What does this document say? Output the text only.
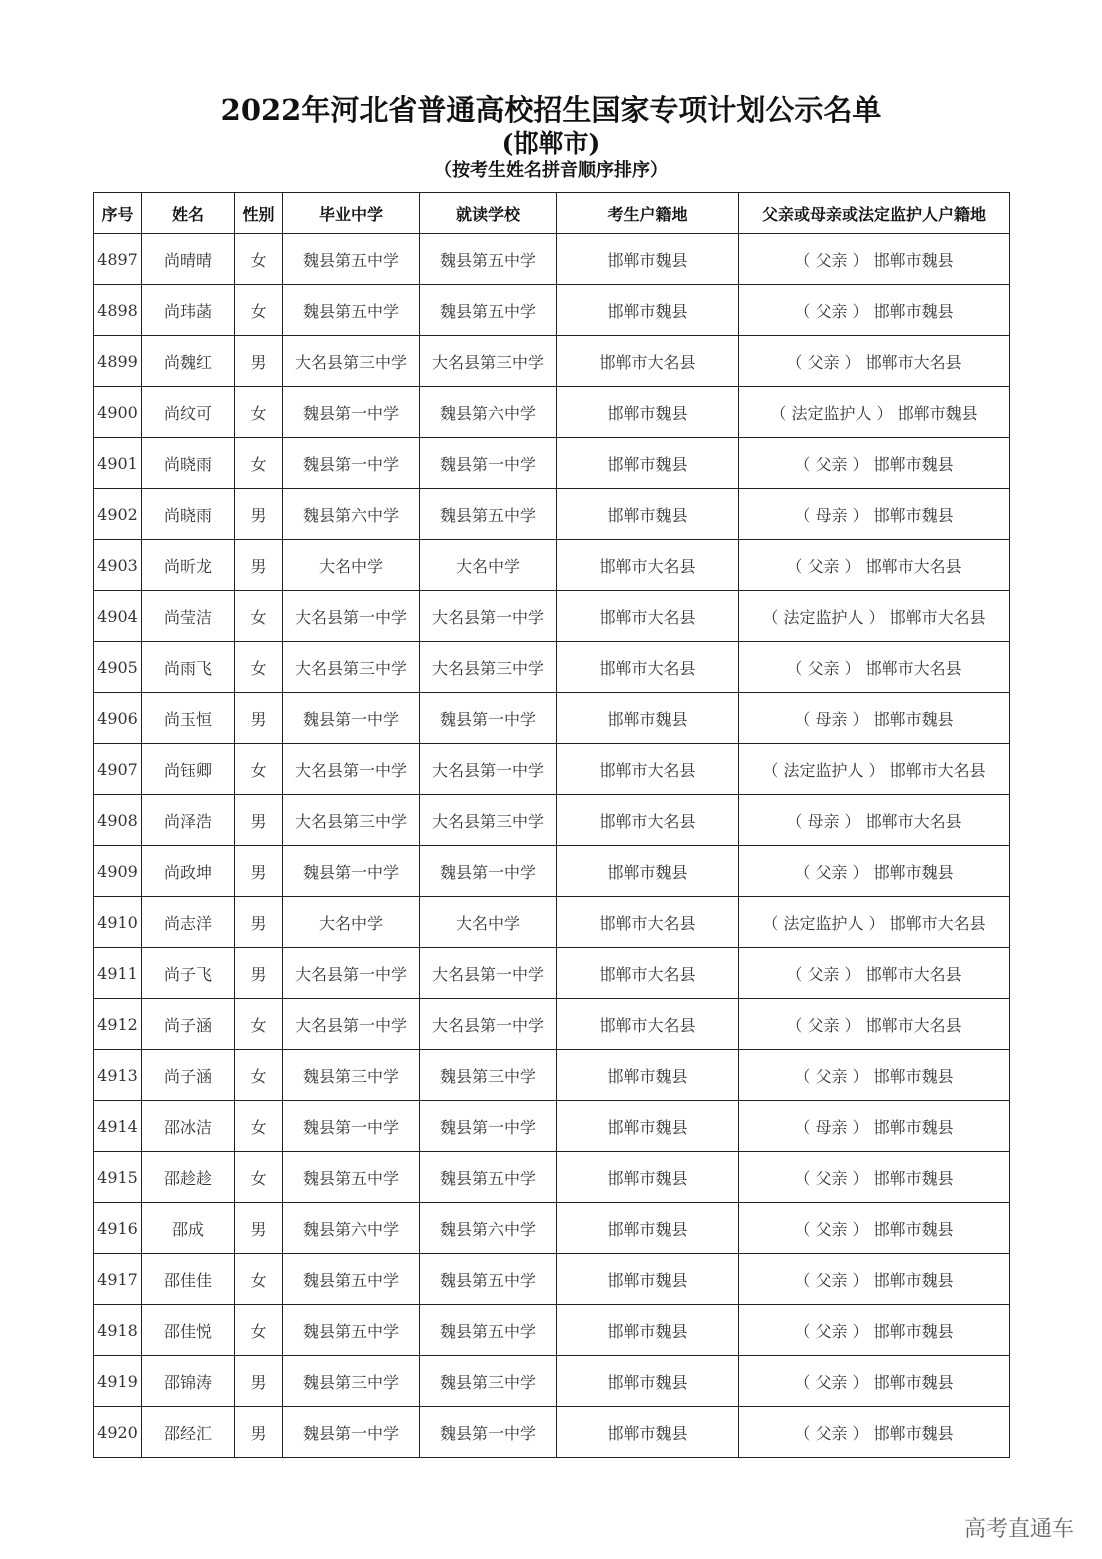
2022年河北省普通高校招生国家专项计划公示名单
(邯郸市)
（按考生姓名拼音顺序排序）
序号	姓名	性别	毕业中学	就读学校	考生户籍地	父亲或母亲或法定监护人户籍地
4897	尚晴晴	女	魏县第五中学	魏县第五中学	邯郸市魏县	（ 父亲 ） 邯郸市魏县
4898	尚玮菡	女	魏县第五中学	魏县第五中学	邯郸市魏县	（ 父亲 ） 邯郸市魏县
4899	尚魏红	男	大名县第三中学	大名县第三中学	邯郸市大名县	（ 父亲 ） 邯郸市大名县
4900	尚纹可	女	魏县第一中学	魏县第六中学	邯郸市魏县	（ 法定监护人 ） 邯郸市魏县
4901	尚晓雨	女	魏县第一中学	魏县第一中学	邯郸市魏县	（ 父亲 ） 邯郸市魏县
4902	尚晓雨	男	魏县第六中学	魏县第五中学	邯郸市魏县	（ 母亲 ） 邯郸市魏县
4903	尚昕龙	男	大名中学	大名中学	邯郸市大名县	（ 父亲 ） 邯郸市大名县
4904	尚莹洁	女	大名县第一中学	大名县第一中学	邯郸市大名县	（ 法定监护人 ） 邯郸市大名县
4905	尚雨飞	女	大名县第三中学	大名县第三中学	邯郸市大名县	（ 父亲 ） 邯郸市大名县
4906	尚玉恒	男	魏县第一中学	魏县第一中学	邯郸市魏县	（ 母亲 ） 邯郸市魏县
4907	尚钰卿	女	大名县第一中学	大名县第一中学	邯郸市大名县	（ 法定监护人 ） 邯郸市大名县
4908	尚泽浩	男	大名县第三中学	大名县第三中学	邯郸市大名县	（ 母亲 ） 邯郸市大名县
4909	尚政坤	男	魏县第一中学	魏县第一中学	邯郸市魏县	（ 父亲 ） 邯郸市魏县
4910	尚志洋	男	大名中学	大名中学	邯郸市大名县	（ 法定监护人 ） 邯郸市大名县
4911	尚子飞	男	大名县第一中学	大名县第一中学	邯郸市大名县	（ 父亲 ） 邯郸市大名县
4912	尚子涵	女	大名县第一中学	大名县第一中学	邯郸市大名县	（ 父亲 ） 邯郸市大名县
4913	尚子涵	女	魏县第三中学	魏县第三中学	邯郸市魏县	（ 父亲 ） 邯郸市魏县
4914	邵冰洁	女	魏县第一中学	魏县第一中学	邯郸市魏县	（ 母亲 ） 邯郸市魏县
4915	邵趁趁	女	魏县第五中学	魏县第五中学	邯郸市魏县	（ 父亲 ） 邯郸市魏县
4916	邵成	男	魏县第六中学	魏县第六中学	邯郸市魏县	（ 父亲 ） 邯郸市魏县
4917	邵佳佳	女	魏县第五中学	魏县第五中学	邯郸市魏县	（ 父亲 ） 邯郸市魏县
4918	邵佳悦	女	魏县第五中学	魏县第五中学	邯郸市魏县	（ 父亲 ） 邯郸市魏县
4919	邵锦涛	男	魏县第三中学	魏县第三中学	邯郸市魏县	（ 父亲 ） 邯郸市魏县
4920	邵经汇	男	魏县第一中学	魏县第一中学	邯郸市魏县	（ 父亲 ） 邯郸市魏县
高考直通车
